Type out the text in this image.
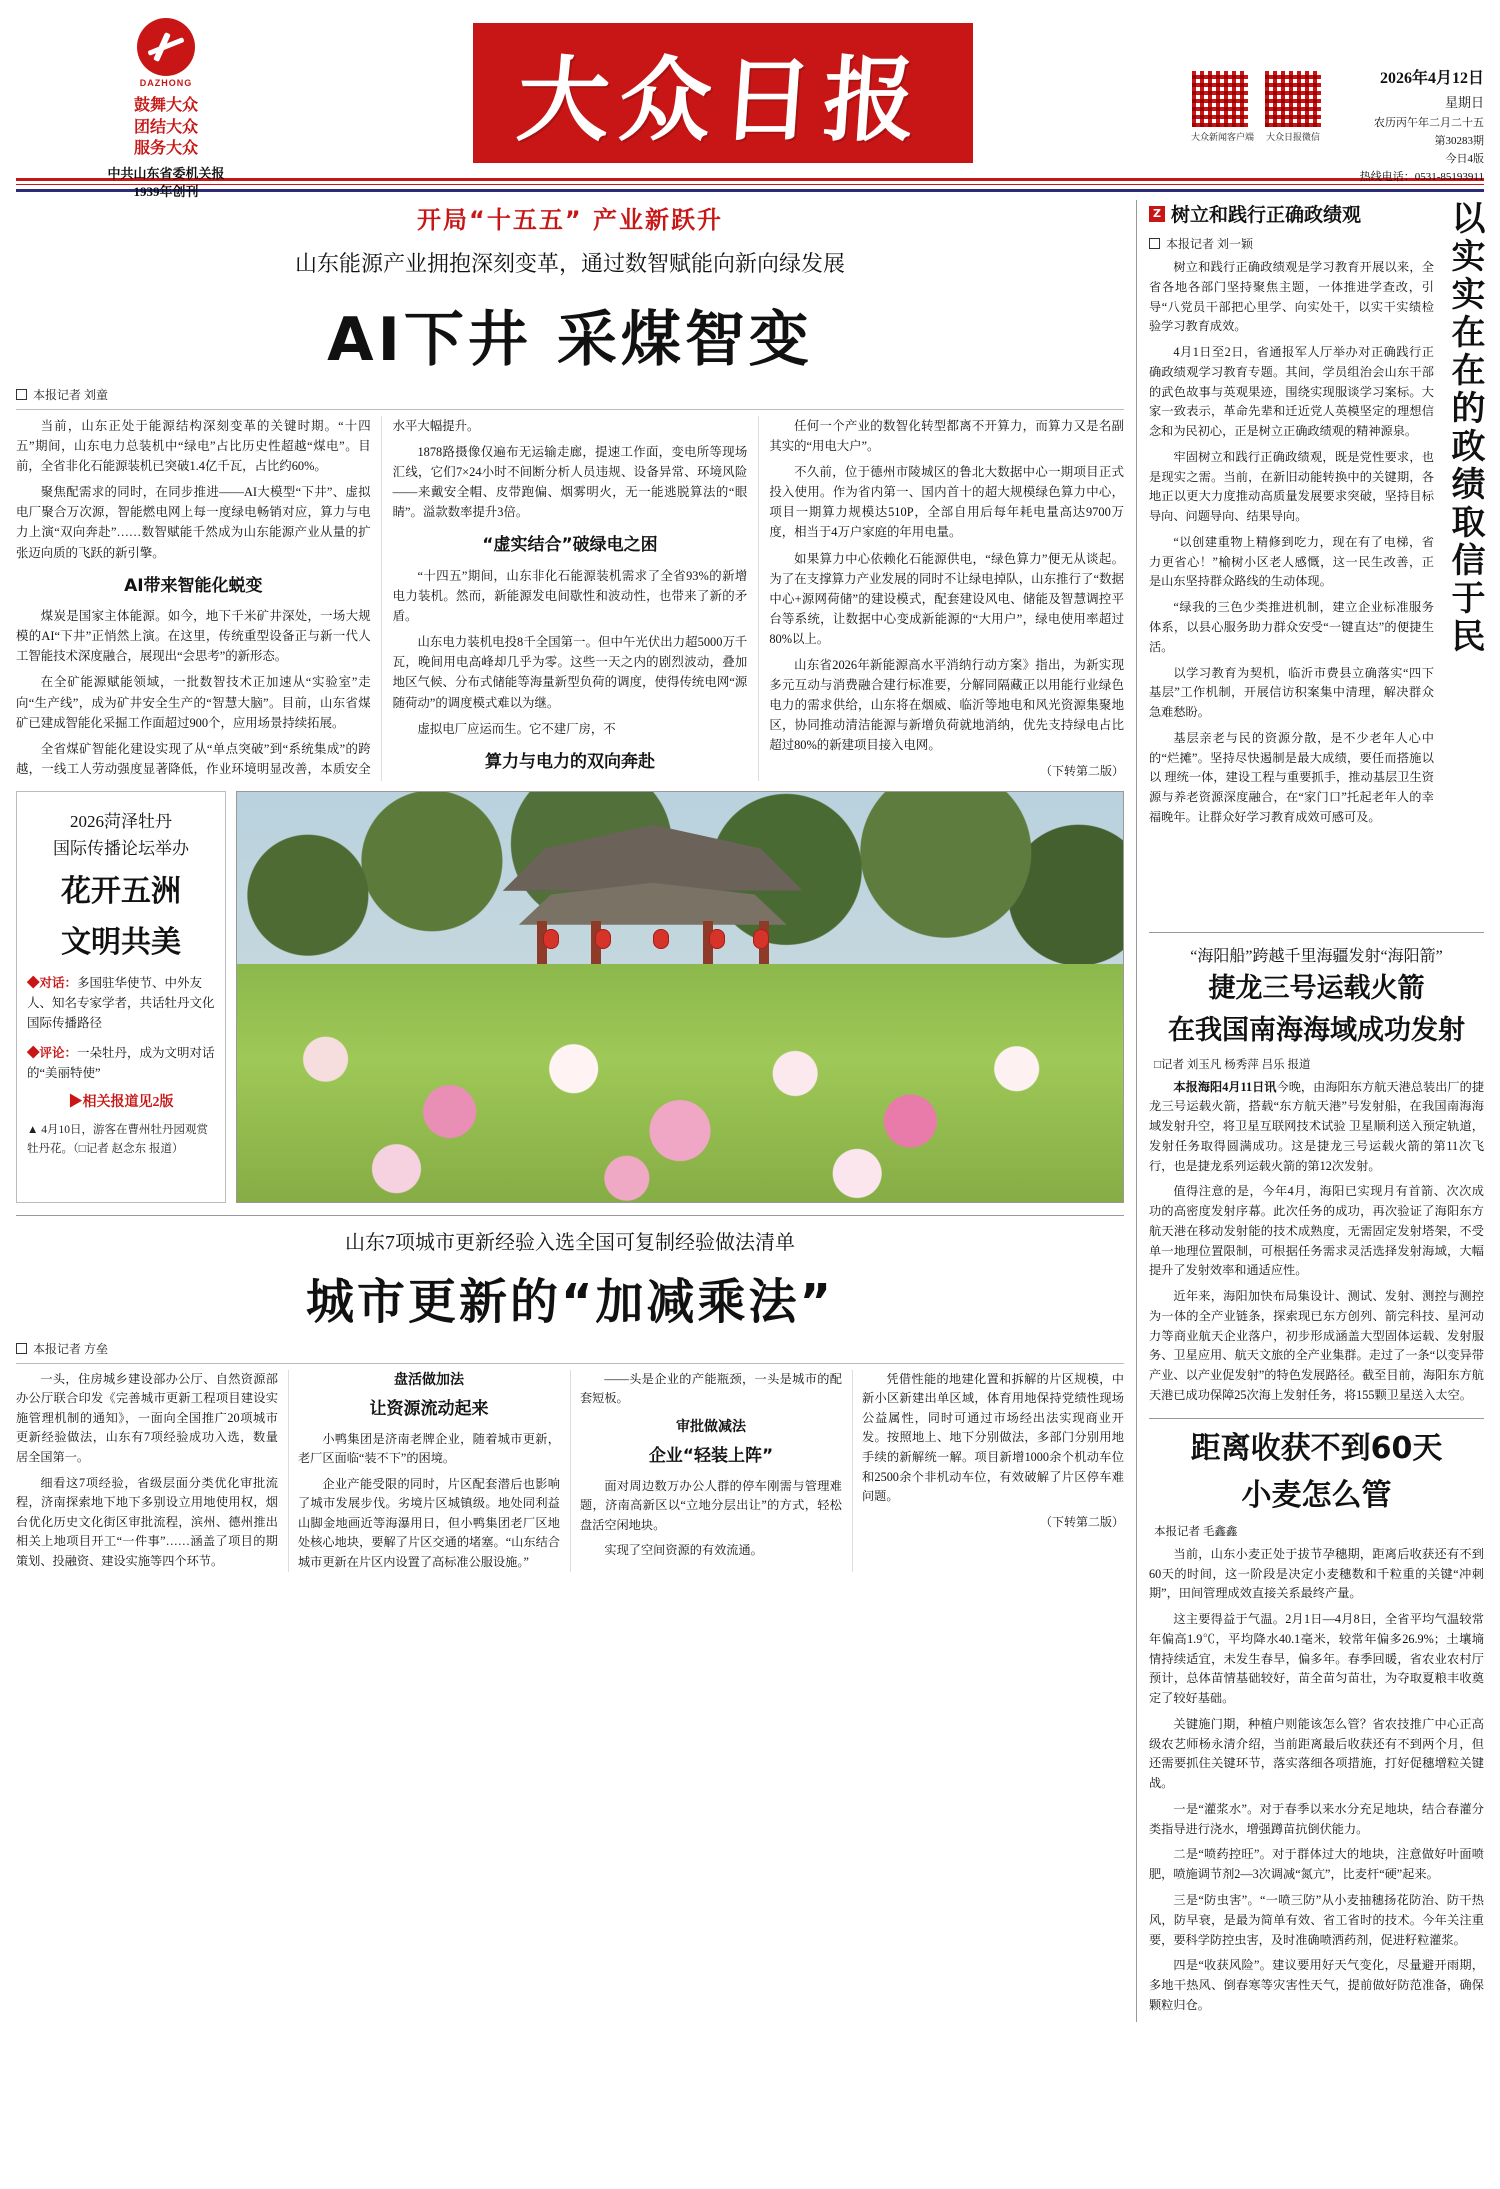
DAZHONG
鼓舞大众
团结大众
服务大众
中共山东省委机关报
1939年创刊
大众日报	大众新闻客户端 大众日报微信
2026年4月12日
星期日
农历丙午年二月二十五
第30283期
今日4版
热线电话：0531-85193911
开局“十五五” 产业新跃升
山东能源产业拥抱深刻变革，通过数智赋能向新向绿发展
AI下井 采煤智变
本报记者 刘童

当前，山东正处于能源结构深刻变革的关键时期。“十四五”期间，山东电力总装机中“绿电”占比历史性超越“煤电”。目前，全省非化石能源装机已突破1.4亿千瓦，占比约60%。

聚焦配需求的同时，在同步推进——AI大模型“下井”、虚拟电厂聚合万次源，智能燃电网上每一度绿电畅销对应，算力与电力上演“双向奔赴”……数智赋能千然成为山东能源产业从量的扩张迈向质的飞跃的新引擎。

AI带来智能化蜕变

煤炭是国家主体能源。如今，地下千米矿井深处，一场大规模的AI“下井”正悄然上演。在这里，传统重型设备正与新一代人工智能技术深度融合，展现出“会思考”的新形态。

在全矿能源赋能领域，一批数智技术正加速从“实验室”走向“生产线”，成为矿井安全生产的“智慧大脑”。目前，山东省煤矿已建成智能化采掘工作面超过900个，应用场景持续拓展。

全省煤矿智能化建设实现了从“单点突破”到“系统集成”的跨越，一线工人劳动强度显著降低，作业环境明显改善，本质安全水平大幅提升。

1878路摄像仅遍布无运输走廊，提速工作面，变电所等现场汇线，它们7×24小时不间断分析人员违规、设备异常、环境风险——来戴安全帽、皮带跑偏、烟雾明火，无一能逃脱算法的“眼睛”。溢款数率提升3倍。

“虚实结合”破绿电之困

“十四五”期间，山东非化石能源装机需求了全省93%的新增电力装机。然而，新能源发电间歇性和波动性，也带来了新的矛盾。

山东电力装机电投8千全国第一。但中午光伏出力超5000万千瓦，晚间用电高峰却几乎为零。这些一天之内的剧烈波动，叠加地区气候、分布式储能等海量新型负荷的调度，使得传统电网“源随荷动”的调度模式难以为继。

虚拟电厂应运而生。它不建厂房，不

算力与电力的双向奔赴

任何一个产业的数智化转型都离不开算力，而算力又是名副其实的“用电大户”。

不久前，位于德州市陵城区的鲁北大数据中心一期项目正式投入使用。作为省内第一、国内首十的超大规模绿色算力中心，项目一期算力规模达510P，全部自用后每年耗电量高达9700万度，相当于4万户家庭的年用电量。

如果算力中心依赖化石能源供电，“绿色算力”便无从谈起。为了在支撑算力产业发展的同时不让绿电掉队，山东推行了“数据中心+源网荷储”的建设模式，配套建设风电、储能及智慧调控平台等系统，让数据中心变成新能源的“大用户”，绿电使用率超过80%以上。

山东省2026年新能源高水平消纳行动方案》指出，为新实现多元互动与消费融合建行标准要，分解同隔藏正以用能行业绿色电力的需求供给，山东将在烟威、临沂等地电和风光资源集聚地区，协同推动清洁能源与新增负荷就地消纳，优先支持绿电占比超过80%的新建项目接入电网。

（下转第二版）
2026菏泽牡丹
国际传播论坛举办
花开五洲
文明共美
◆对话：多国驻华使节、中外友人、知名专家学者，共话牡丹文化国际传播路径
◆评论：一朵牡丹，成为文明对话的“美丽特使”
▶相关报道见2版
▲ 4月10日，游客在曹州牡丹园观赏牡丹花。（□记者 赵念东 报道）
山东7项城市更新经验入选全国可复制经验做法清单
城市更新的“加减乘法”
本报记者 方垒

一头，住房城乡建设部办公厅、自然资源部办公厅联合印发《完善城市更新工程项目建设实施管理机制的通知》，一面向全国推广20项城市更新经验做法，山东有7项经验成功入选，数量居全国第一。

细看这7项经验，省级层面分类优化审批流程，济南探索地下地下多别设立用地使用权，烟台优化历史文化街区审批流程，滨州、德州推出相关上地项目开工“一件事”……涵盖了项目的期策划、投融资、建设实施等四个环节。

盘活做加法
让资源流动起来

小鸭集团是济南老牌企业，随着城市更新，老厂区面临“装不下”的困境。

企业产能受限的同时，片区配套潜后也影响了城市发展步伐。劣境片区城镇级。地处同利益山脚金地画近等海瀑用日，但小鸭集团老厂区地处核心地块，要解了片区交通的堵塞。“山东结合城市更新在片区内设置了高标准公服设施。”

——头是企业的产能瓶颈，一头是城市的配套短板。

审批做减法
企业“轻装上阵”

面对周边数万办公人群的停车刚需与管理难题，济南高新区以“立地分层出让”的方式，轻松盘活空闲地块。

实现了空间资源的有效流通。

凭借性能的地建化置和拆解的片区规模，中新小区新建出单区域，体育用地保持党绩性现场公益属性，同时可通过市场经出法实现商业开发。按照地上、地下分别做法，多部门分别用地手续的新解统一解。项目新增1000余个机动车位和2500余个非机动车位，有效破解了片区停车难问题。

（下转第二版）
Z 树立和践行正确政绩观
本报记者 刘一颖

树立和践行正确政绩观是学习教育开展以来，全省各地各部门坚持聚焦主题，一体推进学查改，引导“八党员干部把心里学、向实处干，以实干实绩检验学习教育成效。

4月1日至2日，省通报军人厅举办对正确践行正确政绩观学习教育专题。其间，学员组治会山东干部的武色故事与英观果迹，围绕实现服谈学习案标。大家一致表示，革命先辈和迁近党人英模坚定的理想信念和为民初心，正是树立正确政绩观的精神源泉。

牢固树立和践行正确政绩观，既是党性要求，也是现实之需。当前，在新旧动能转换中的关键期，各地正以更大力度推动高质量发展要求突破，坚持目标导向、问题导向、结果导向。

“以创建重物上精修到吃力，现在有了电梯，省力更省心！”榆树小区老人感慨，这一民生改善，正是山东坚持群众路线的生动体现。

“绿我的三色少类推进机制，建立企业标准服务体系，以县心服务助力群众安受“一键直达”的便捷生活。

以学习教育为契机，临沂市费县立确落实“四下基层”工作机制，开展信访积案集中清理，解决群众急难愁盼。

基层亲老与民的资源分散，是不少老年人心中的“烂摊”。坚持尽快遏制是最大成绩，要任而搭施以以 理统一体，建设工程与重要抓手，推动基层卫生资源与养老资源深度融合，在“家门口”托起老年人的幸福晚年。让群众好学习教育成效可感可及。

以实实在在的政绩取信于民
“海阳船”跨越千里海疆发射“海阳箭”
捷龙三号运载火箭
在我国南海海域成功发射
□记者 刘玉凡 杨秀萍 吕乐 报道

本报海阳4月11日讯今晚，由海阳东方航天港总装出厂的捷龙三号运载火箭，搭载“东方航天港”号发射船，在我国南海海域发射升空，将卫星互联网技术试验 卫星顺利送入预定轨道，发射任务取得圆满成功。这是捷龙三号运载火箭的第11次飞行，也是捷龙系列运载火箭的第12次发射。

值得注意的是，今年4月，海阳已实现月有首箭、次次成功的高密度发射序幕。此次任务的成功，再次验证了海阳东方航天港在移动发射能的技术成熟度，无需固定发射塔架，不受单一地理位置限制，可根据任务需求灵活选择发射海域，大幅提升了发射效率和通适应性。

近年来，海阳加快布局集设计、测试、发射、测控与测控为一体的全产业链条，探索现已东方创列、箭完科技、星河动力等商业航天企业落户，初步形成涵盖大型固体运载、发射服务、卫星应用、航天文旅的全产业集群。走过了一条“以变异带产业、以产业促发射”的特色发展路径。截至目前，海阳东方航天港已成功保障25次海上发射任务，将155颗卫星送入太空。

距离收获不到60天
小麦怎么管
本报记者 毛鑫鑫

当前，山东小麦正处于拔节孕穗期，距离后收获还有不到60天的时间，这一阶段是决定小麦穗数和千粒重的关键“冲刺期”，田间管理成效直接关系最终产量。

这主要得益于气温。2月1日—4月8日，全省平均气温较常年偏高1.9℃，平均降水40.1毫米，较常年偏多26.9%；土壤墒情持续适宜，未发生春旱，偏多年。春季回暖，省农业农村厅预计，总体苗情基础较好，苗全苗匀苗壮，为夺取夏粮丰收奠定了较好基础。

关键施门期，种植户则能该怎么管？省农技推广中心正高级农艺师杨永清介绍，当前距离最后收获还有不到两个月，但还需要抓住关键环节，落实落细各项措施，打好促穗增粒关键战。

一是“灌浆水”。对于春季以来水分充足地块，结合春灌分类指导进行浇水，增强蹲苗抗倒伏能力。

二是“喷药控旺”。对于群体过大的地块，注意做好叶面喷肥，喷施调节剂2—3次调减“氮亢”，比麦杆“硬”起来。

三是“防虫害”。“一喷三防”从小麦抽穗扬花防治、防干热风，防早衰，是最为简单有效、省工省时的技术。今年关注重要，要科学防控虫害，及时准确喷洒药剂，促进籽粒灌浆。

四是“收获风险”。建议要用好天气变化，尽量避开雨期，多地干热风、倒春寒等灾害性天气，提前做好防范准备，确保颗粒归仓。
